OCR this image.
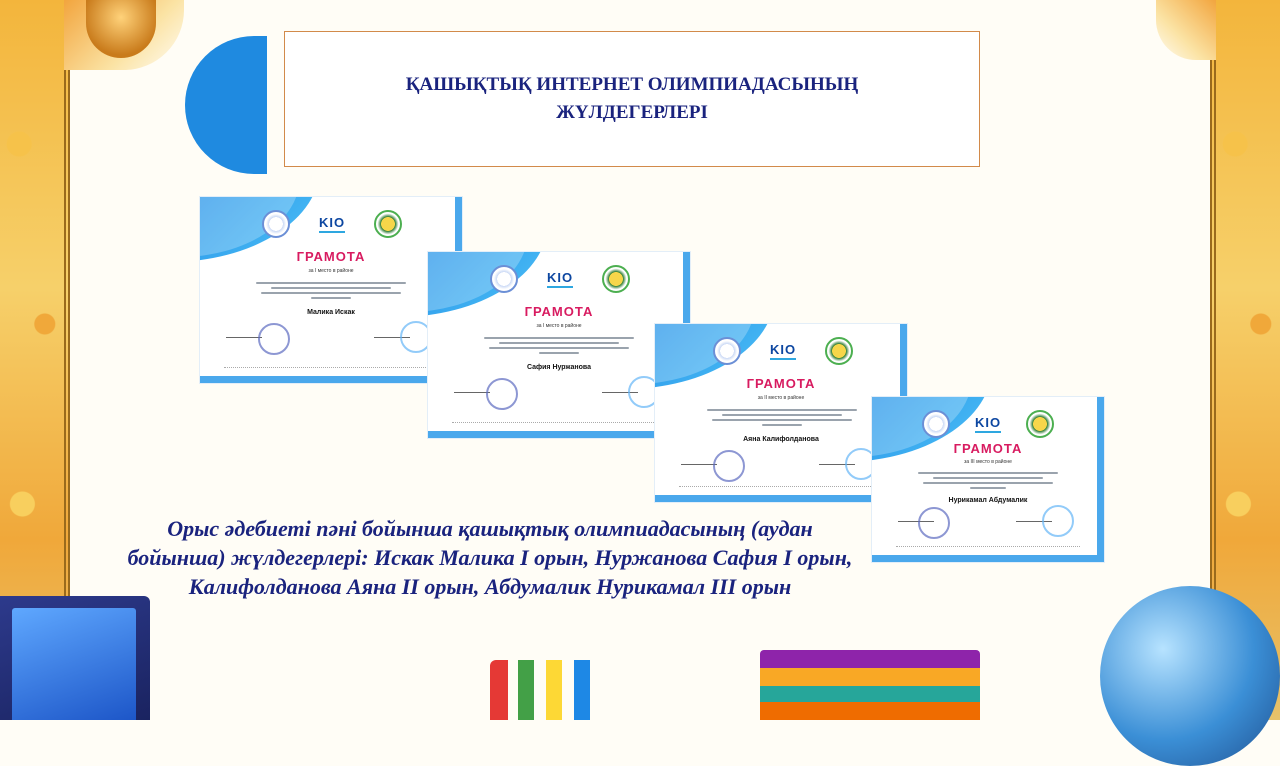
ҚАШЫҚТЫҚ ИНТЕРНЕТ ОЛИМПИАДАСЫНЫҢ ЖҮЛДЕГЕРЛЕРІ
KIO
ГРАМОТА
за I место в районе
Малика Искак
KIO
ГРАМОТА
за I место в районе
Сафия Нуржанова
KIO
ГРАМОТА
за II место в районе
Аяна Калифолданова
KIO
ГРАМОТА
за III место в районе
Нурикамал Абдумалик

Орыс әдебиеті пәні бойынша қашықтық олимпиадасының (аудан бойынша) жүлдегерлері: Искак Малика I орын, Нуржанова Сафия I орын, Калифолданова Аяна II орын, Абдумалик Нурикамал III орын
